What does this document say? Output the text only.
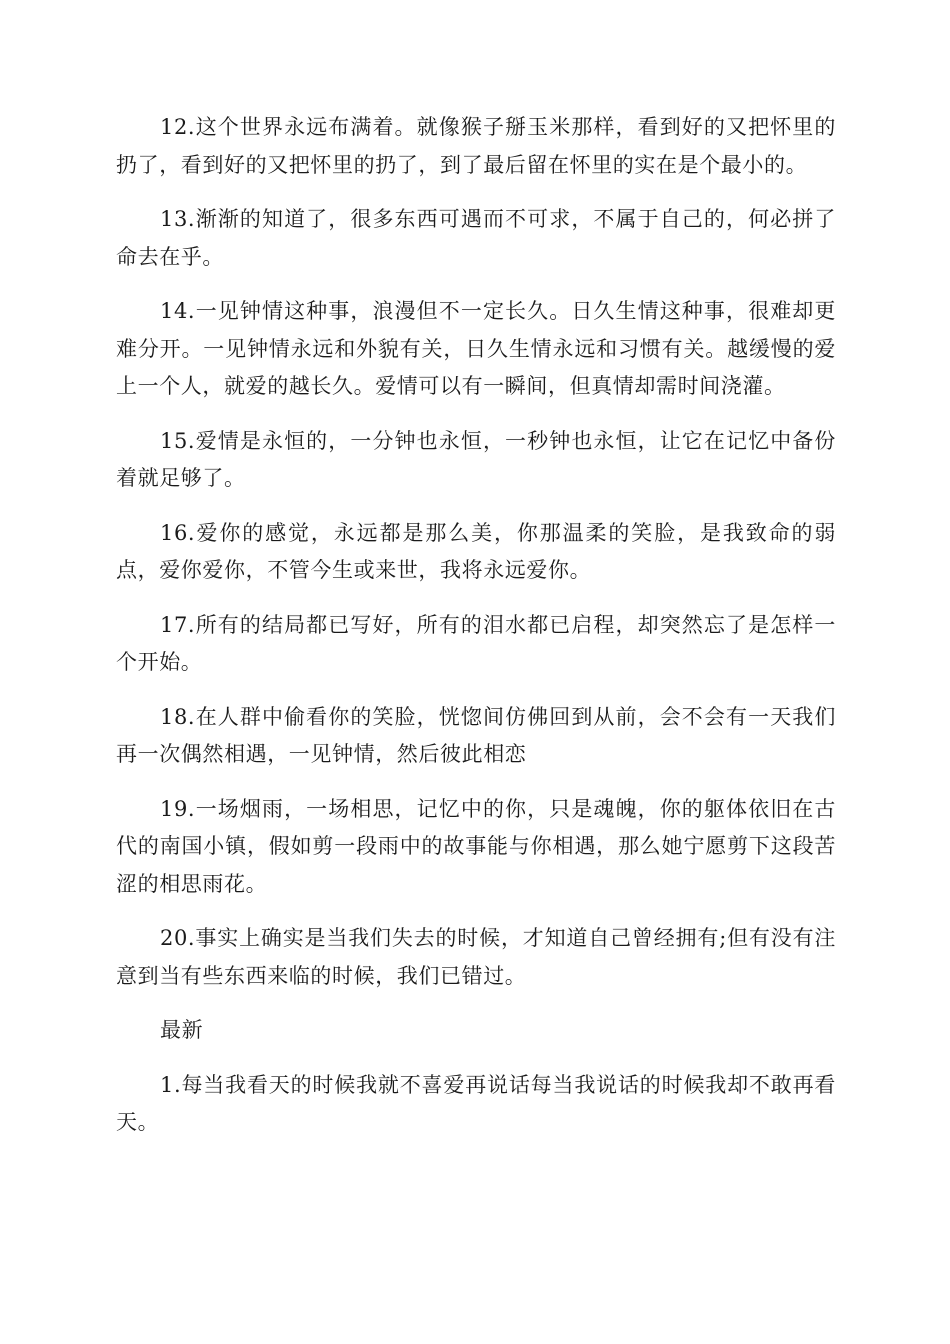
12.这个世界永远布满着。就像猴子掰玉米那样，看到好的又把怀里的扔了，看到好的又把怀里的扔了，到了最后留在怀里的实在是个最小的。

13.渐渐的知道了，很多东西可遇而不可求，不属于自己的，何必拼了命去在乎。

14.一见钟情这种事，浪漫但不一定长久。日久生情这种事，很难却更难分开。一见钟情永远和外貌有关，日久生情永远和习惯有关。越缓慢的爱上一个人，就爱的越长久。爱情可以有一瞬间，但真情却需时间浇灌。

15.爱情是永恒的，一分钟也永恒，一秒钟也永恒，让它在记忆中备份着就足够了。

16.爱你的感觉，永远都是那么美，你那温柔的笑脸，是我致命的弱点，爱你爱你，不管今生或来世，我将永远爱你。

17.所有的结局都已写好，所有的泪水都已启程，却突然忘了是怎样一个开始。

18.在人群中偷看你的笑脸，恍惚间仿佛回到从前，会不会有一天我们再一次偶然相遇，一见钟情，然后彼此相恋

19.一场烟雨，一场相思，记忆中的你，只是魂魄，你的躯体依旧在古代的南国小镇，假如剪一段雨中的故事能与你相遇，那么她宁愿剪下这段苦涩的相思雨花。

20.事实上确实是当我们失去的时候，才知道自己曾经拥有;但有没有注意到当有些东西来临的时候，我们已错过。

最新

1.每当我看天的时候我就不喜爱再说话每当我说话的时候我却不敢再看天。
